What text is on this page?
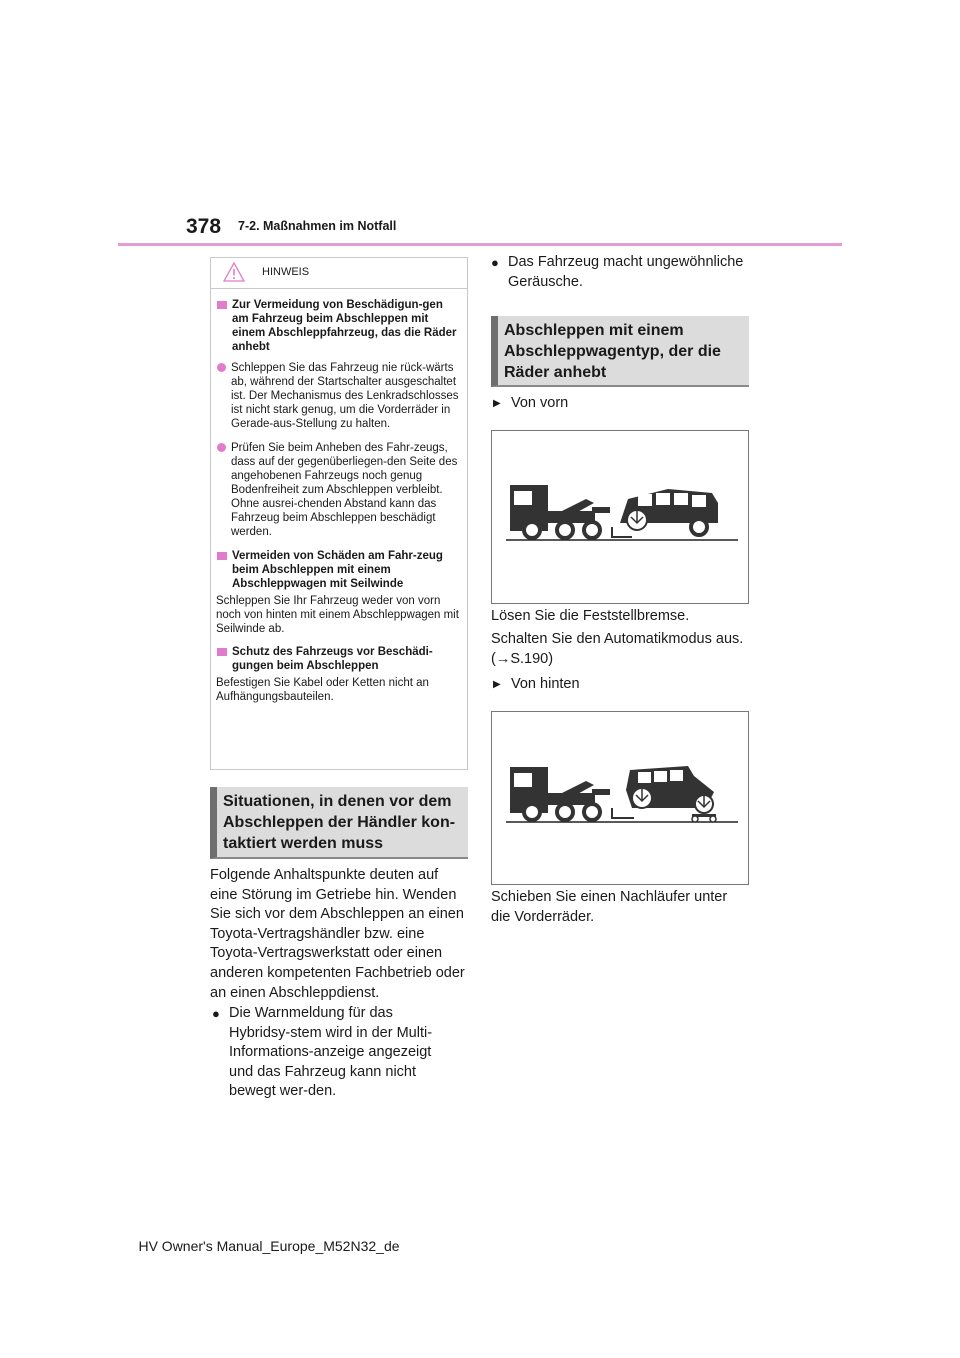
378 7-2. Maßnahmen im Notfall
HINWEIS
Zur Vermeidung von Beschädigun-gen am Fahrzeug beim Abschleppen mit einem Abschleppfahrzeug, das die Räder anhebt
Schleppen Sie das Fahrzeug nie rück-wärts ab, während der Startschalter ausgeschaltet ist. Der Mechanismus des Lenkradschlosses ist nicht stark genug, um die Vorderräder in Gerade-aus-Stellung zu halten.
Prüfen Sie beim Anheben des Fahr-zeugs, dass auf der gegenüberliegen-den Seite des angehobenen Fahrzeugs noch genug Bodenfreiheit zum Abschleppen verbleibt. Ohne ausrei-chenden Abstand kann das Fahrzeug beim Abschleppen beschädigt werden.
Vermeiden von Schäden am Fahr-zeug beim Abschleppen mit einem Abschleppwagen mit Seilwinde
Schleppen Sie Ihr Fahrzeug weder von vorn noch von hinten mit einem Abschleppwagen mit Seilwinde ab.
Schutz des Fahrzeugs vor Beschädi-gungen beim Abschleppen
Befestigen Sie Kabel oder Ketten nicht an Aufhängungsbauteilen.
Situationen, in denen vor dem Abschleppen der Händler kon-taktiert werden muss
Folgende Anhaltspunkte deuten auf eine Störung im Getriebe hin. Wenden Sie sich vor dem Abschleppen an einen Toyota-Vertragshändler bzw. eine Toyota-Vertragswerkstatt oder einen anderen kompetenten Fachbetrieb oder an einen Abschleppdienst.
● Die Warnmeldung für das Hybridsy-stem wird in der Multi-Informations-anzeige angezeigt und das Fahrzeug kann nicht bewegt wer-den.
● Das Fahrzeug macht ungewöhnliche Geräusche.
Abschleppen mit einem Abschleppwagentyp, der die Räder anhebt
▶ Von vorn
Lösen Sie die Feststellbremse.
Schalten Sie den Automatikmodus aus.
(→S.190)
▶ Von hinten
Schieben Sie einen Nachläufer unter die Vorderräder.
HV Owner's Manual_Europe_M52N32_de
